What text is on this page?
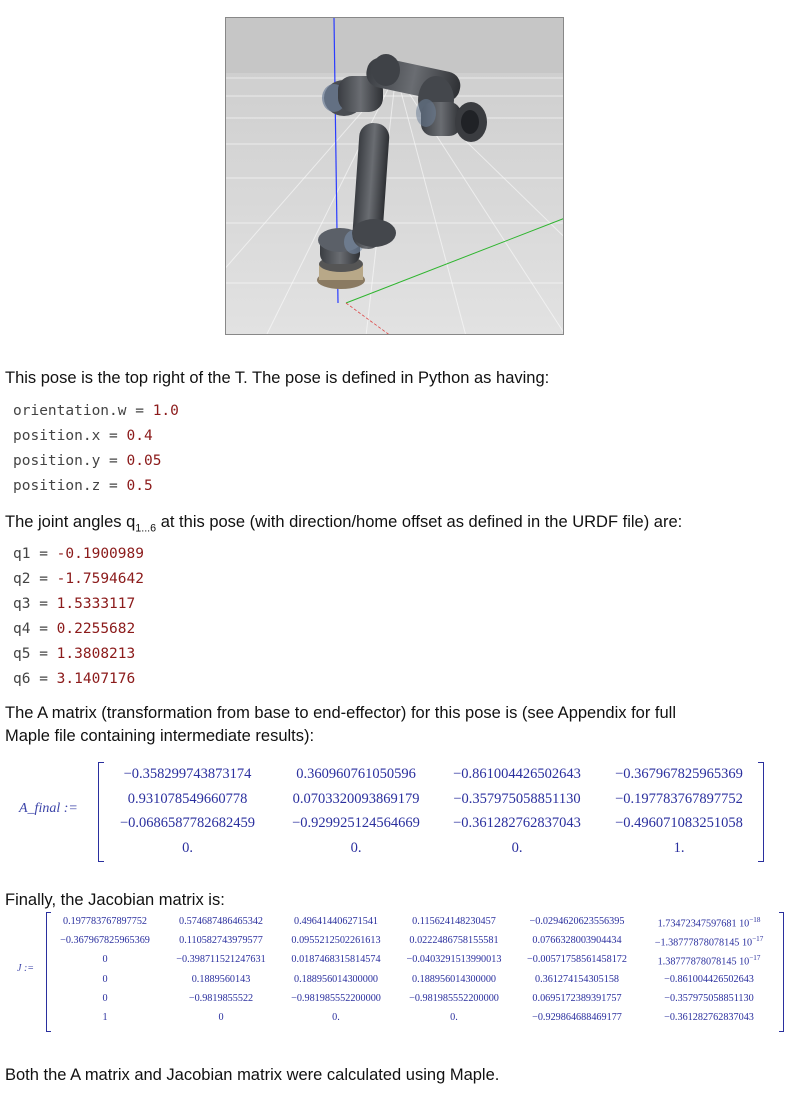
This pose is the top right of the T. The pose is defined in Python as having:

orientation.w = 1.0
position.x = 0.4
position.y = 0.05
position.z = 0.5

The joint angles $q_{1...6}$ at this pose (with direction/home offset as defined in the URDF file) are:

q1 = -0.1900989
q2 = -1.7594642
q3 = 1.5333117
q4 = 0.2255682
q5 = 1.3808213
q6 = 3.1407176

The A matrix (transformation from base to end-effector) for this pose is (see Appendix for full

Maple file containing intermediate results):

A_final :=
−0.358299743873174	0.360960761050596	−0.861004426502643	−0.367967825965369
0.931078549660778	0.0703320093869179	−0.357975058851130	−0.197783767897752
−0.0686587782682459	−0.929925124564669	−0.361282762837043	−0.496071083251058
0.	0.	0.	1.

Finally, the Jacobian matrix is:

J :=
0.197783767897752	0.574687486465342	0.496414406271541	0.115624148230457	−0.0294620623556395	1.73472347597681 $10^{-18}$
−0.367967825965369	0.110582743979577	0.0955212502261613	0.0222486758155581	0.0766328003904434	−1.38777878078145 $10^{-17}$
0	−0.398711521247631	0.0187468315814574	−0.0403291513990013	−0.00571758561458172	1.38777878078145 $10^{-17}$
0	0.1889560143	0.188956014300000	0.188956014300000	0.361274154305158	−0.861004426502643
0	−0.9819855522	−0.981985552200000	−0.981985552200000	0.0695172389391757	−0.357975058851130
1	0	0.	0.	−0.929864688469177	−0.361282762837043

Both the A matrix and Jacobian matrix were calculated using Maple.
